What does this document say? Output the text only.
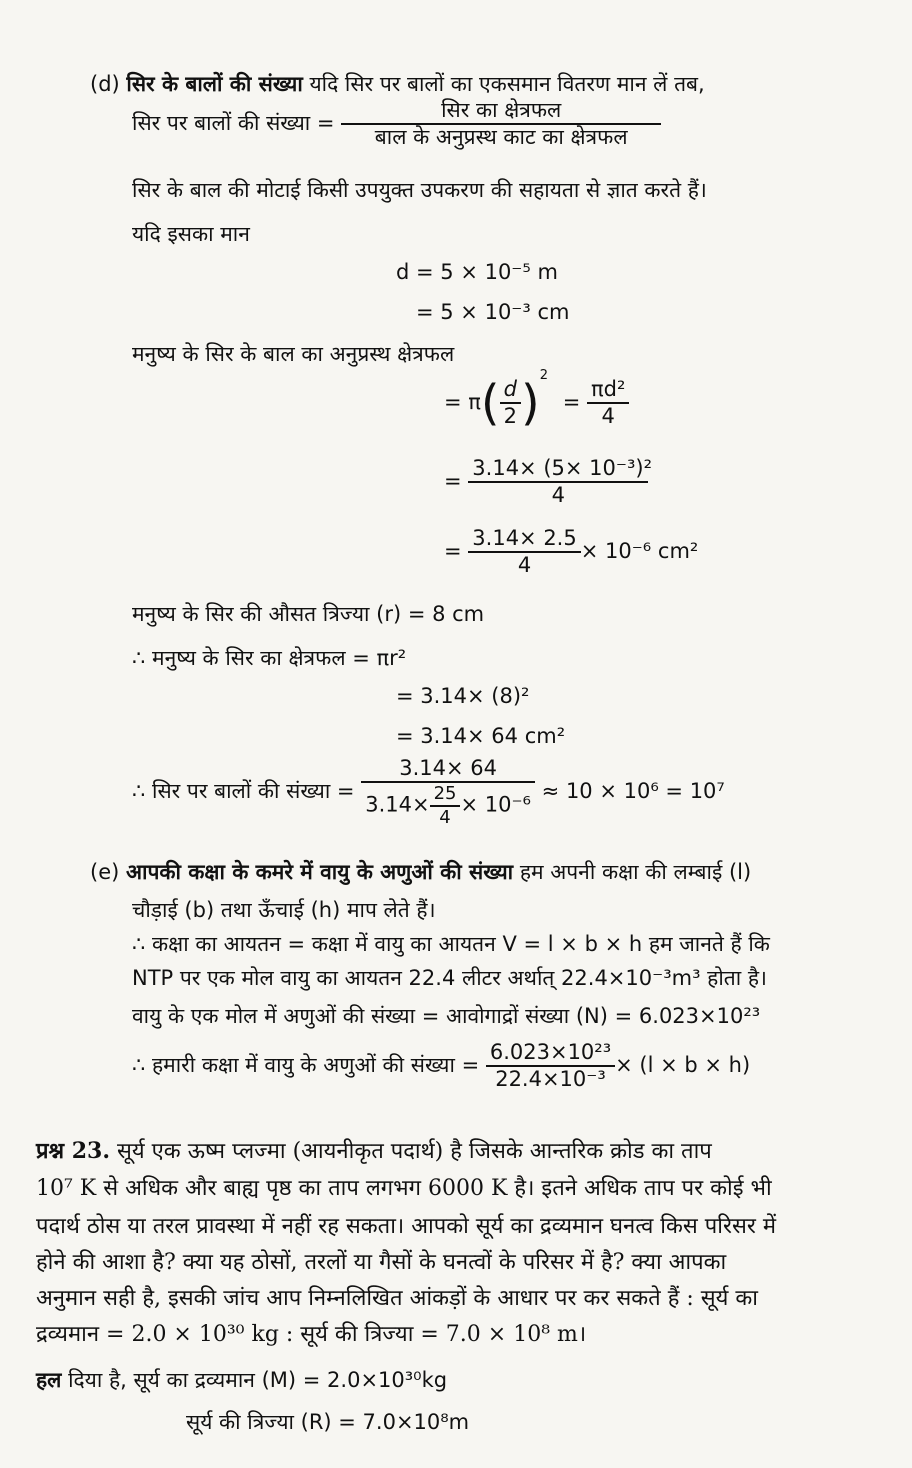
(d) सिर के बालों की संख्या यदि सिर पर बालों का एकसमान वितरण मान लें तब,
सिर पर बालों की संख्या = $\frac{\text{सिर का क्षेत्रफल}}{\text{बाल के अनुप्रस्थ काट का क्षेत्रफल}}$
सिर के बाल की मोटाई किसी उपयुक्त उपकरण की सहायता से ज्ञात करते हैं।
यदि इसका मान
d = 5 × 10⁻⁵ m
= 5 × 10⁻³ cm
मनुष्य के सिर के बाल का अनुप्रस्थ क्षेत्रफल
= $\pi( \frac{d}{2} )^2 = \frac{\text{πd²}}{4}$
= $\frac{\text{3.14× (5× 10⁻³)²}}{4}$
= $\frac{3.14\times 2.5}{4} \times 10^{-6}$ cm²
मनुष्य के सिर की औसत त्रिज्या (r) = 8 cm
∴ मनुष्य के सिर का क्षेत्रफल = πr²
= 3.14× (8)²
= 3.14× 64 cm²
∴ सिर पर बालों की संख्या = $\frac{3.14\times 64}{3.14\times \frac{25}{4} \times 10^{-6}} \approx 10 \times 10^6 = 10^7$
(e) आपकी कक्षा के कमरे में वायु के अणुओं की संख्या हम अपनी कक्षा की लम्बाई (l)
चौड़ाई (b) तथा ऊँचाई (h) माप लेते हैं।
∴ कक्षा का आयतन = कक्षा में वायु का आयतन V = l × b × h हम जानते हैं कि
NTP पर एक मोल वायु का आयतन 22.4 लीटर अर्थात् 22.4×10⁻³m³ होता है।
वायु के एक मोल में अणुओं की संख्या = आवोगाद्रों संख्या (N) = 6.023×10²³
∴ हमारी कक्षा में वायु के अणुओं की संख्या = $\frac{\text{6.023×10²³}}{\text{22.4×10⁻³}} \times (l \times b \times h)$
प्रश्न 23. सूर्य एक ऊष्म प्लज्मा (आयनीकृत पदार्थ) है जिसके आन्तरिक क्रोड का ताप
10⁷ K से अधिक और बाह्य पृष्ठ का ताप लगभग 6000 K है। इतने अधिक ताप पर कोई भी
पदार्थ ठोस या तरल प्रावस्था में नहीं रह सकता। आपको सूर्य का द्रव्यमान घनत्व किस परिसर में
होने की आशा है? क्या यह ठोसों, तरलों या गैसों के घनत्वों के परिसर में है? क्या आपका
अनुमान सही है, इसकी जांच आप निम्नलिखित आंकड़ों के आधार पर कर सकते हैं : सूर्य का
द्रव्यमान = 2.0 × 10³⁰ kg : सूर्य की त्रिज्या = 7.0 × 10⁸ m।
हल दिया है, सूर्य का द्रव्यमान (M) = 2.0×10³⁰kg
सूर्य की त्रिज्या (R) = 7.0×10⁸m
